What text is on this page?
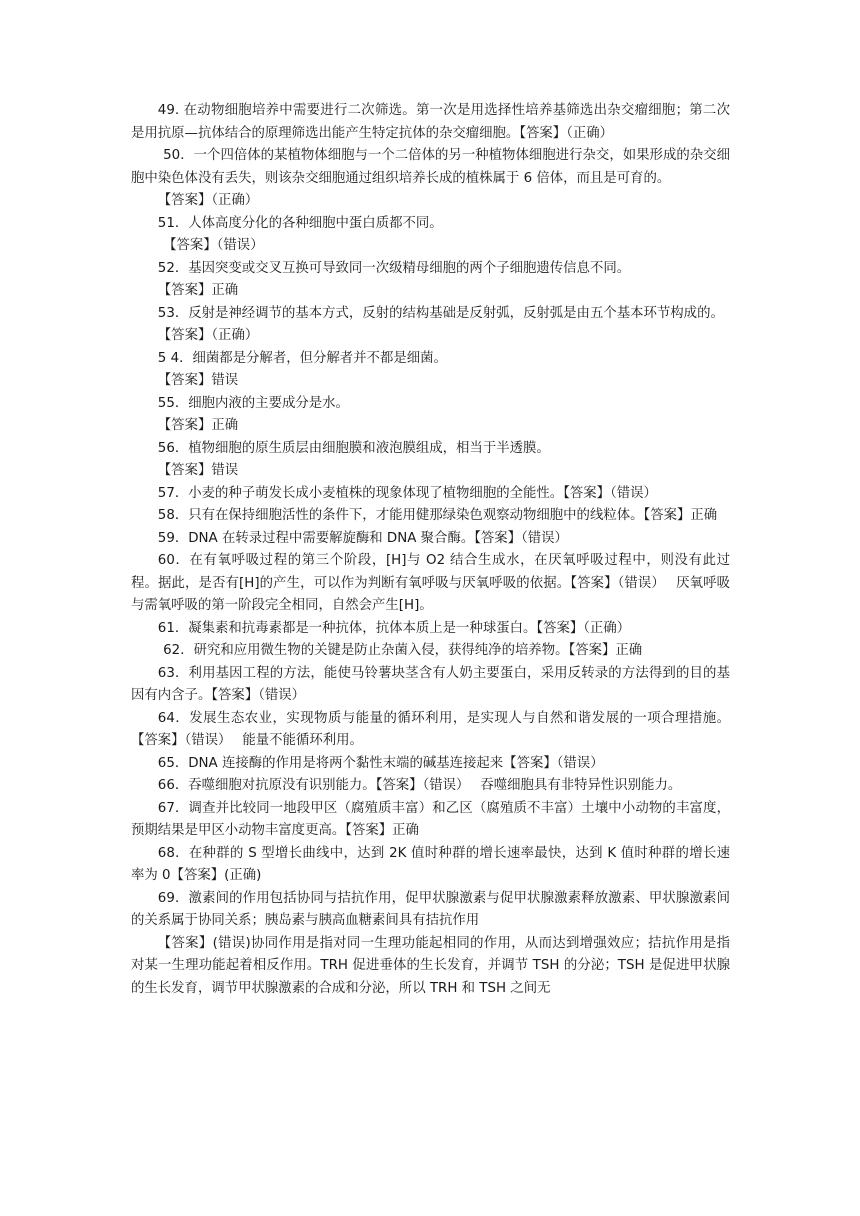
49. 在动物细胞培养中需要进行二次筛选。第一次是用选择性培养基筛选出杂交瘤细胞；第二次是用抗原—抗体结合的原理筛选出能产生特定抗体的杂交瘤细胞。【答案】（正确）

50．一个四倍体的某植物体细胞与一个二倍体的另一种植物体细胞进行杂交，如果形成的杂交细胞中染色体没有丢失，则该杂交细胞通过组织培养长成的植株属于 6 倍体，而且是可育的。

【答案】（正确）

51．人体高度分化的各种细胞中蛋白质都不同。

【答案】（错误）

52．基因突变或交叉互换可导致同一次级精母细胞的两个子细胞遗传信息不同。

【答案】正确

53．反射是神经调节的基本方式，反射的结构基础是反射弧，反射弧是由五个基本环节构成的。

【答案】（正确）

5 4．细菌都是分解者，但分解者并不都是细菌。

【答案】错误

55．细胞内液的主要成分是水。

【答案】正确

56．植物细胞的原生质层由细胞膜和液泡膜组成，相当于半透膜。

【答案】错误

57．小麦的种子萌发长成小麦植株的现象体现了植物细胞的全能性。【答案】（错误）

58．只有在保持细胞活性的条件下，才能用健那绿染色观察动物细胞中的线粒体。【答案】正确

59．DNA 在转录过程中需要解旋酶和 DNA 聚合酶。【答案】（错误）

60．在有氧呼吸过程的第三个阶段，[H]与 O2 结合生成水，在厌氧呼吸过程中，则没有此过程。据此，是否有[H]的产生，可以作为判断有氧呼吸与厌氧呼吸的依据。【答案】（错误）　 厌氧呼吸与需氧呼吸的第一阶段完全相同，自然会产生[H]。

61．凝集素和抗毒素都是一种抗体，抗体本质上是一种球蛋白。【答案】（正确）

62．研究和应用微生物的关键是防止杂菌入侵，获得纯净的培养物。【答案】正确

63．利用基因工程的方法，能使马铃薯块茎含有人奶主要蛋白，采用反转录的方法得到的目的基因有内含子。【答案】（错误）

64．发展生态农业，实现物质与能量的循环利用，是实现人与自然和谐发展的一项合理措施。【答案】（错误）　 能量不能循环利用。

65．DNA 连接酶的作用是将两个黏性末端的碱基连接起来【答案】（错误）

66．吞噬细胞对抗原没有识别能力。【答案】（错误）　 吞噬细胞具有非特异性识别能力。

67．调查并比较同一地段甲区（腐殖质丰富）和乙区（腐殖质不丰富）土壤中小动物的丰富度，预期结果是甲区小动物丰富度更高。【答案】正确

68．在种群的 S 型增长曲线中，达到 2K 值时种群的增长速率最快，达到 K 值时种群的增长速率为 0【答案】(正确)

69．激素间的作用包括协同与拮抗作用，促甲状腺激素与促甲状腺激素释放激素、甲状腺激素间的关系属于协同关系；胰岛素与胰高血糖素间具有拮抗作用

【答案】(错误)协同作用是指对同一生理功能起相同的作用，从而达到增强效应；拮抗作用是指对某一生理功能起着相反作用。TRH 促进垂体的生长发育，并调节 TSH 的分泌；TSH 是促进甲状腺的生长发育，调节甲状腺激素的合成和分泌，所以 TRH 和 TSH 之间无
